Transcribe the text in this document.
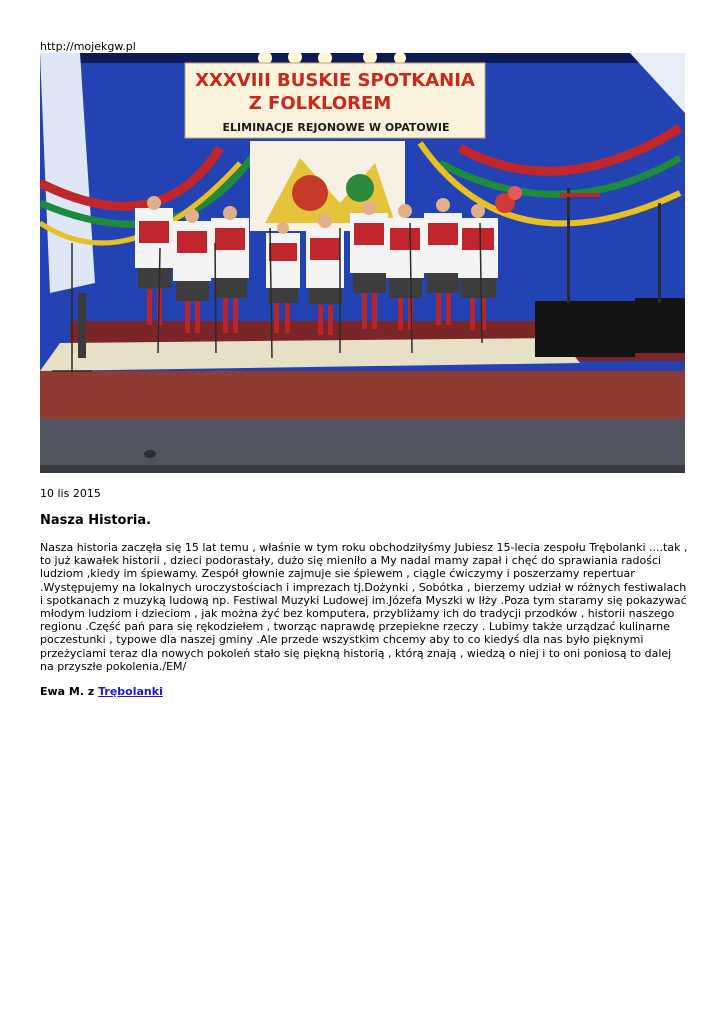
http://mojekgw.pl
XXXVIII BUSKIE SPOTKANIA
Z FOLKLOREM
ELIMINACJE REJONOWE W OPATOWIE
10 lis 2015
Nasza Historia.

Nasza historia zaczęła się 15 lat temu , właśnie w tym roku obchodziłyśmy Jubiesz 15-lecia zespołu Trębolanki ....tak , to już kawałek historii , dzieci podorastały, dużo się mieniło a My nadal mamy zapał i chęć do sprawiania radości ludziom ,kiedy im śpiewamy. Zespół głownie zajmuje sie śpiewem , ciągle ćwiczymy i poszerzamy repertuar .Występujemy na lokalnych uroczystościach i imprezach tj.Dożynki , Sobótka , bierzemy udział w różnych festiwalach i spotkanach z muzyką ludową np. Festiwal Muzyki Ludowej im.Józefa Myszki w Iłży .Poza tym staramy się pokazywać młodym ludziom i dzieciom , jak można żyć bez komputera, przybliżamy ich do tradycji przodków , historii naszego regionu .Część pań para się rękodziełem , tworząc naprawdę przepiekne rzeczy . Lubimy także urządzać kulinarne poczestunki , typowe dla naszej gminy .Ale przede wszystkim chcemy aby to co kiedyś dla nas było pięknymi przeżyciami teraz dla nowych pokoleń stało się piękną historią , którą znają , wiedzą o niej i to oni poniosą to dalej na przyszłe pokolenia./EM/

Ewa M. z Trębolanki
